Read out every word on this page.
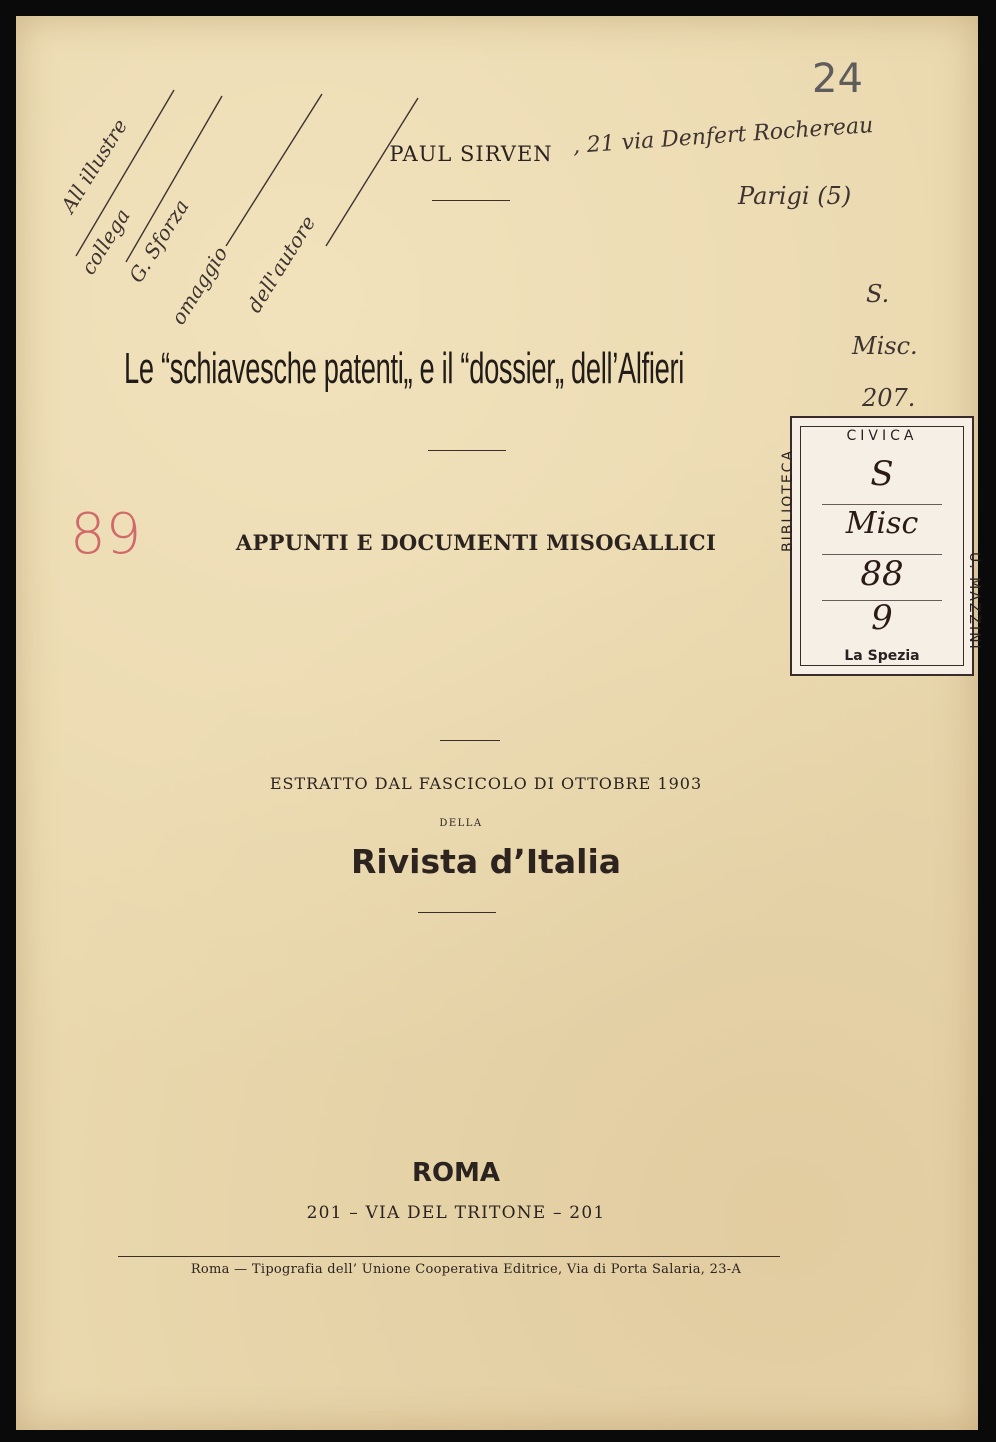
24
All illustre
collega
G. Sforza
omaggio dell'autore
PAUL SIRVEN , 21 via Denfert Rochereau
Parigi (5)
S.
Misc.
207.
Le “schiavesche patenti„ e il “dossier„ dell’Alfieri
89	APPUNTI E DOCUMENTI MISOGALLICI
CIVICA
BIBLIOTECA
U. MAZZINI
S
Misc
88
9
La Spezia
ESTRATTO DAL FASCICOLO DI OTTOBRE 1903
DELLA
Rivista d’Italia
ROMA
201 – VIA DEL TRITONE – 201
Roma — Tipografia dell’ Unione Cooperativa Editrice, Via di Porta Salaria, 23-A
